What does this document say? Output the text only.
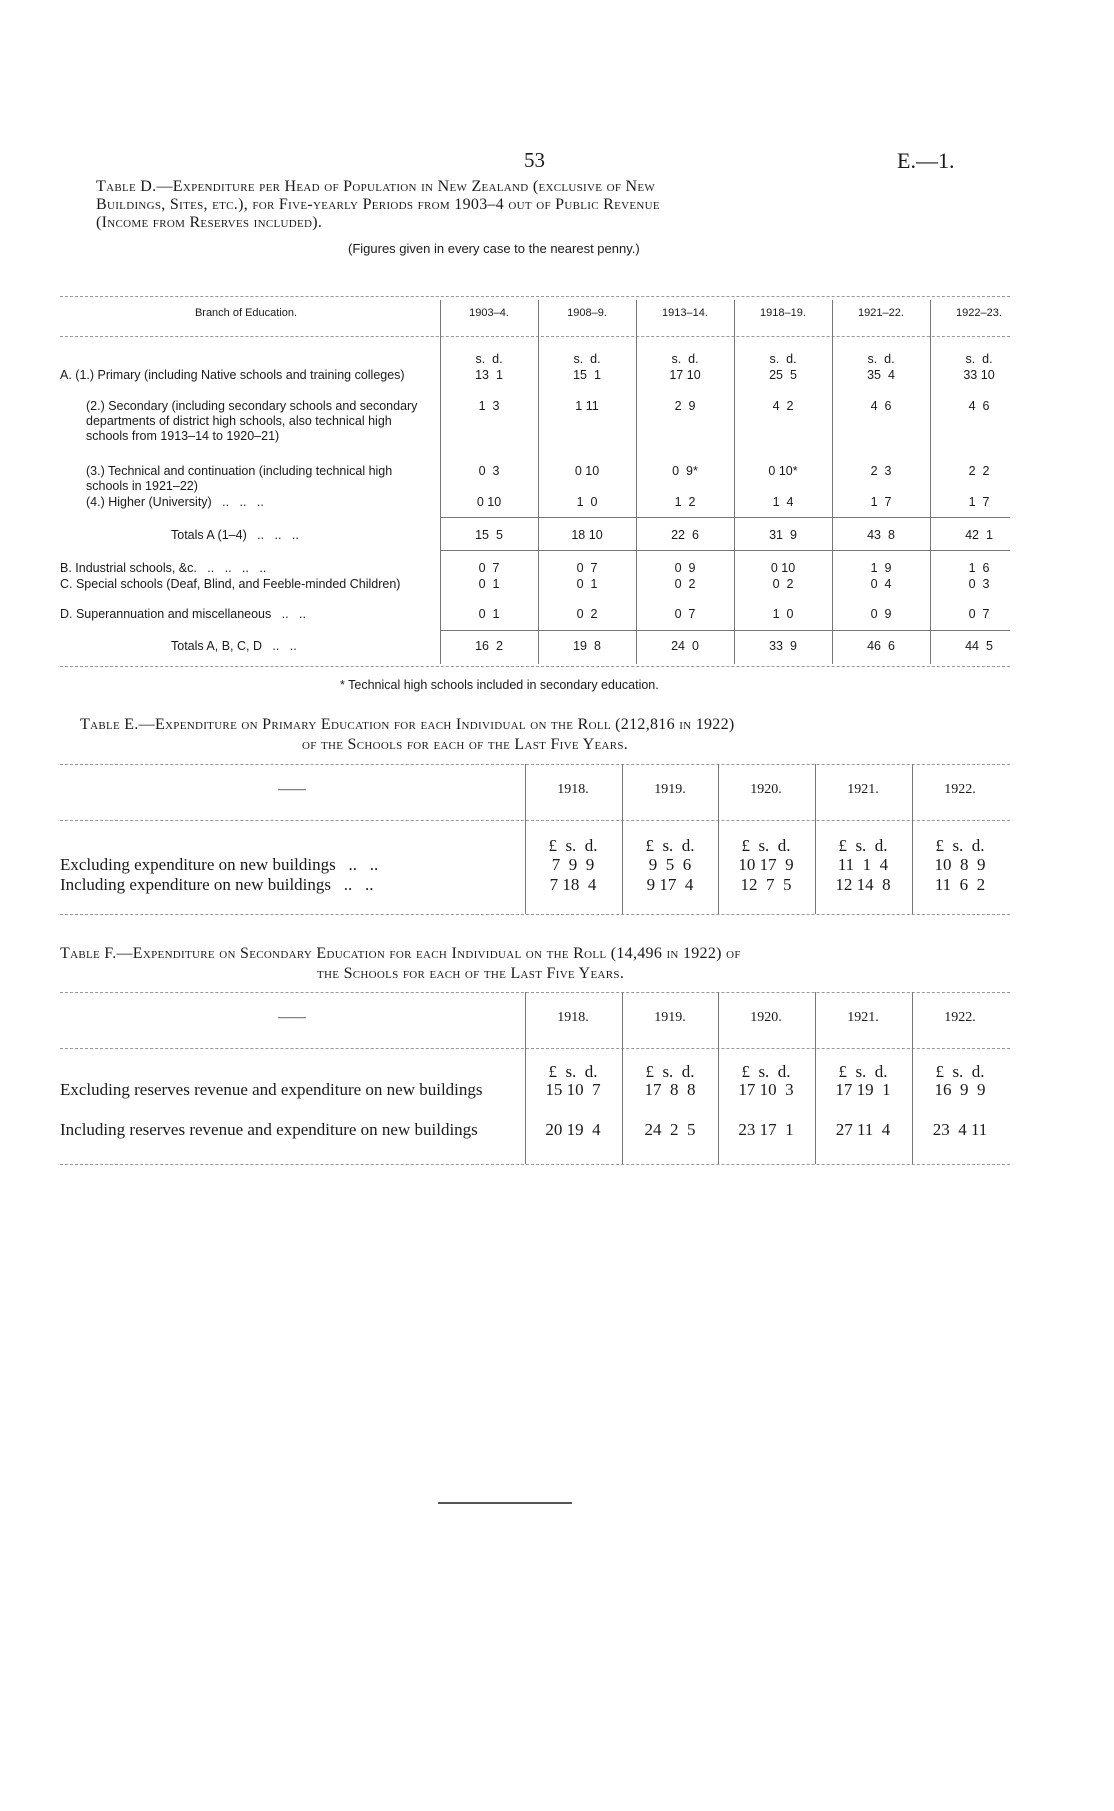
53	E.—1.
Table D.—Expenditure per Head of Population in New Zealand (exclusive of New
Buildings, Sites, etc.), for Five-yearly Periods from 1903–4 out of Public Revenue
(Income from Reserves included).
(Figures given in every case to the nearest penny.)
Branch of Education.	1903–4.	1908–9.	1913–14.	1918–19.	1921–22.	1922–23.
s.  d.	s.  d.	s.  d.	s.  d.	s.  d.	s.  d.
A. (1.) Primary (including Native schools and training colleges)	13  1	15  1	17 10	25  5	35  4	33 10
(2.) Secondary (including secondary schools and secondary departments of district high schools, also technical high schools from 1913–14 to 1920–21)
1  3	1 11	2  9	4  2	4  6	4  6
(3.) Technical and continuation (including technical high schools in 1921–22)
0  3	0 10	0  9*	0 10*	2  3	2  2
(4.) Higher (University)   ..   ..   ..	0 10	1  0	1  2	1  4	1  7	1  7
Totals A (1–4)   ..   ..   ..	15  5	18 10	22  6	31  9	43  8	42  1
B. Industrial schools, &c.   ..   ..   ..   ..	0  7	0  7	0  9	0 10	1  9	1  6
C. Special schools (Deaf, Blind, and Feeble-minded Children)	0  1	0  1	0  2	0  2	0  4	0  3
D. Superannuation and miscellaneous   ..   ..	0  1	0  2	0  7	1  0	0  9	0  7
Totals A, B, C, D   ..   ..	16  2	19  8	24  0	33  9	46  6	44  5
* Technical high schools included in secondary education.
Table E.—Expenditure on Primary Education for each Individual on the Roll (212,816 in 1922)
of the Schools for each of the Last Five Years.
——	1918.	1919.	1920.	1921.	1922.
£  s.  d.	£  s.  d.	£  s.  d.	£  s.  d.	£  s.  d.
Excluding expenditure on new buildings   ..   ..	7  9  9	9  5  6	10 17  9	11  1  4	10  8  9
Including expenditure on new buildings   ..   ..	7 18  4	9 17  4	12  7  5	12 14  8	11  6  2
Table F.—Expenditure on Secondary Education for each Individual on the Roll (14,496 in 1922) of
the Schools for each of the Last Five Years.
——	1918.	1919.	1920.	1921.	1922.
£  s.  d.	£  s.  d.	£  s.  d.	£  s.  d.	£  s.  d.
Excluding reserves revenue and expenditure on new buildings	15 10  7	17  8  8	17 10  3	17 19  1	16  9  9
Including reserves revenue and expenditure on new buildings	20 19  4	24  2  5	23 17  1	27 11  4	23  4 11
